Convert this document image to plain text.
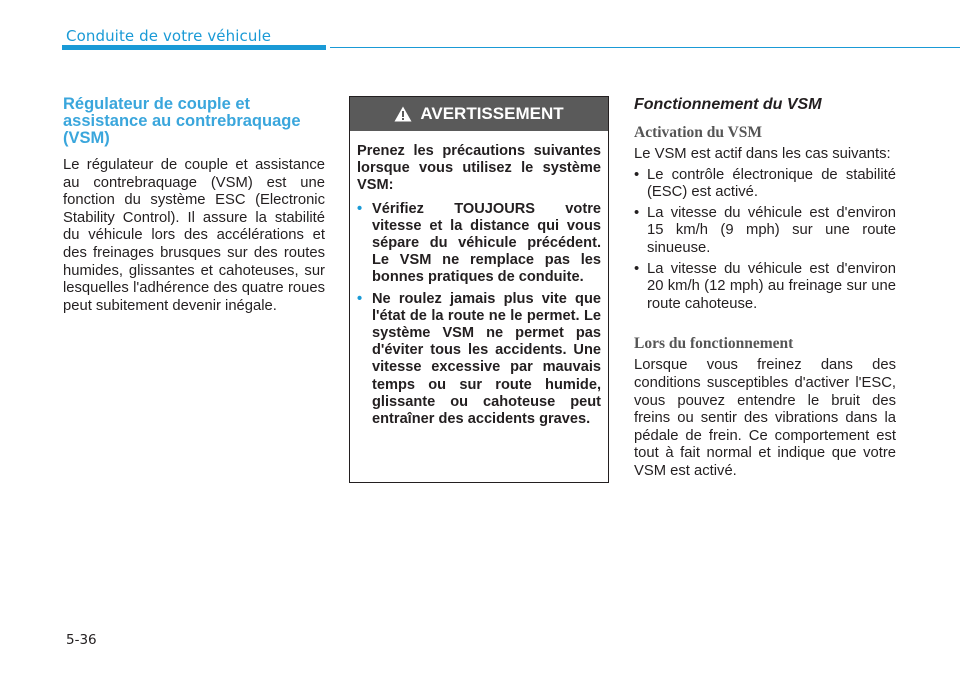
Conduite de votre véhicule
Régulateur de couple et assistance au contrebraquage (VSM)

Le régulateur de couple et assistance au contrebraquage (VSM) est une fonction du système ESC (Electronic Stability Control). Il assure la stabilité du véhicule lors des accélérations et des freinages brusques sur des routes humides, glissantes et cahoteuses, sur lesquelles l'adhérence des quatre roues peut subitement devenir inégale.

AVERTISSEMENT

Prenez les précautions suivantes lorsque vous utilisez le système VSM:

• Vérifiez TOUJOURS votre vitesse et la distance qui vous sépare du véhicule précédent. Le VSM ne remplace pas les bonnes pratiques de conduite.
• Ne roulez jamais plus vite que l'état de la route ne le permet. Le système VSM ne permet pas d'éviter tous les accidents. Une vitesse excessive par mauvais temps ou sur route humide, glissante ou cahoteuse peut entraîner des accidents graves.
Fonctionnement du VSM
Activation du VSM

Le VSM est actif dans les cas suivants:

• Le contrôle électronique de stabilité (ESC) est activé.
• La vitesse du véhicule est d'environ 15 km/h (9 mph) sur une route sinueuse.
• La vitesse du véhicule est d'environ 20 km/h (12 mph) au freinage sur une route cahoteuse.
Lors du fonctionnement

Lorsque vous freinez dans des conditions susceptibles d'activer l'ESC, vous pouvez entendre le bruit des freins ou sentir des vibrations dans la pédale de frein. Ce comportement est tout à fait normal et indique que votre VSM est activé.

5-36
